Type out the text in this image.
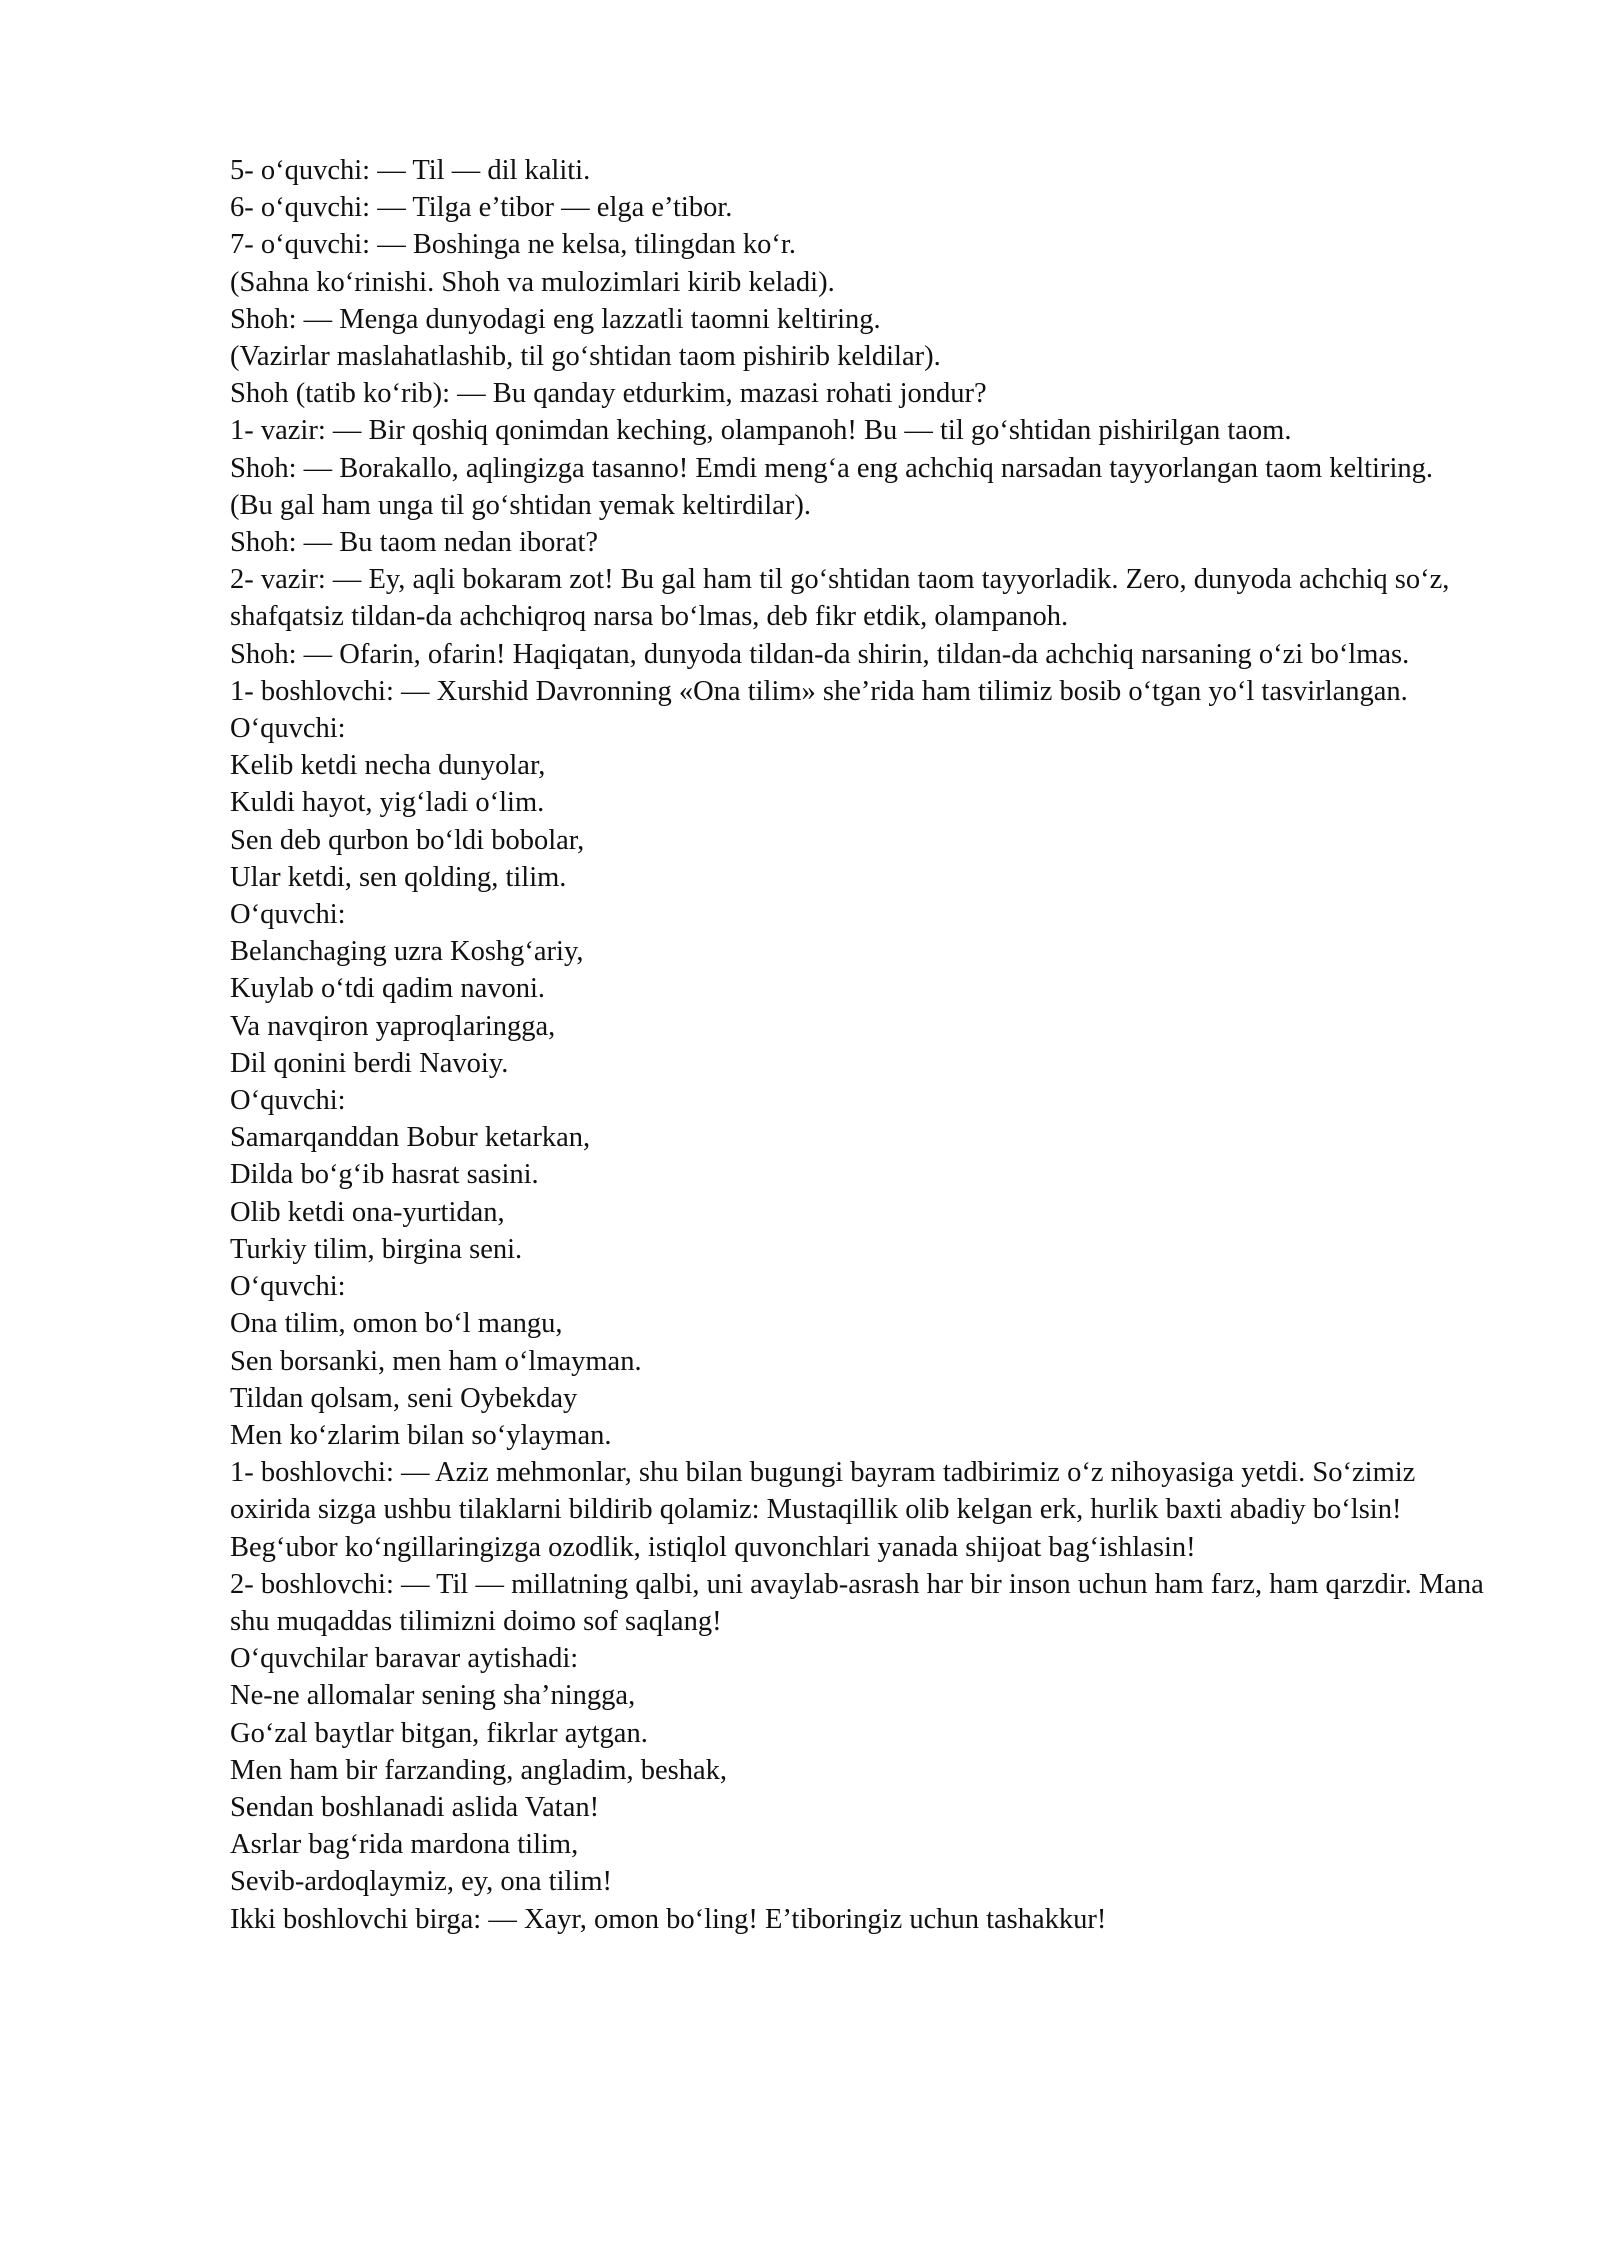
5- o‘quvchi: — Til — dil kaliti.

6- o‘quvchi: — Tilga e’tibor — elga e’tibor.

7- o‘quvchi: — Boshinga ne kelsa, tilingdan ko‘r.

(Sahna ko‘rinishi. Shoh va mulozimlari kirib keladi).

Shoh: — Menga dunyodagi eng lazzatli taomni keltiring.

(Vazirlar maslahatlashib, til go‘shtidan taom pishirib keldilar).

Shoh (tatib ko‘rib): — Bu qanday etdurkim, mazasi rohati jondur?

1- vazir: — Bir qoshiq qonimdan keching, olampanoh! Bu — til go‘shtidan pishirilgan taom.

Shoh: — Borakallo, aqlingizga tasanno! Emdi meng‘a eng achchiq narsadan tayyorlangan taom keltiring.

(Bu gal ham unga til go‘shtidan yemak keltirdilar).

Shoh: — Bu taom nedan iborat?

2- vazir: — Ey, aqli bokaram zot! Bu gal ham til go‘shtidan taom tayyorladik. Zero, dunyoda achchiq so‘z, shafqatsiz tildan-da achchiqroq narsa bo‘lmas, deb fikr etdik, olampanoh.

Shoh: — Ofarin, ofarin! Haqiqatan, dunyoda tildan-da shirin, tildan-da achchiq narsaning o‘zi bo‘lmas.

1- boshlovchi: — Xurshid Davronning «Ona tilim» she’rida ham tilimiz bosib o‘tgan yo‘l tasvirlangan.

O‘quvchi:

Kelib ketdi necha dunyolar,

Kuldi hayot, yig‘ladi o‘lim.

Sen deb qurbon bo‘ldi bobolar,

Ular ketdi, sen qolding, tilim.

O‘quvchi:

Belanchaging uzra Koshg‘ariy,

Kuylab o‘tdi qadim navoni.

Va navqiron yaproqlaringga,

Dil qonini berdi Navoiy.

O‘quvchi:

Samarqanddan Bobur ketarkan,

Dilda bo‘g‘ib hasrat sasini.

Olib ketdi ona-yurtidan,

Turkiy tilim, birgina seni.

O‘quvchi:

Ona tilim, omon bo‘l mangu,

Sen borsanki, men ham o‘lmayman.

Tildan qolsam, seni Oybekday

Men ko‘zlarim bilan so‘ylayman.

1- boshlovchi: — Aziz mehmonlar, shu bilan bugungi bayram tadbirimiz o‘z nihoyasiga yetdi. So‘zimiz oxirida sizga ushbu tilaklarni bildirib qolamiz: Mustaqillik olib kelgan erk, hurlik baxti abadiy bo‘lsin! Beg‘ubor ko‘ngillaringizga ozodlik, istiqlol quvonchlari yanada shijoat bag‘ishlasin!

2- boshlovchi: — Til — millatning qalbi, uni avaylab-asrash har bir inson uchun ham farz, ham qarzdir. Mana shu muqaddas tilimizni doimo sof saqlang!

O‘quvchilar baravar aytishadi:

Ne-ne allomalar sening sha’ningga,

Go‘zal baytlar bitgan, fikrlar aytgan.

Men ham bir farzanding, angladim, beshak,

Sendan boshlanadi aslida Vatan!

Asrlar bag‘rida mardona tilim,

Sevib-ardoqlaymiz, ey, ona tilim!

Ikki boshlovchi birga: — Xayr, omon bo‘ling! E’tiboringiz uchun tashakkur!
